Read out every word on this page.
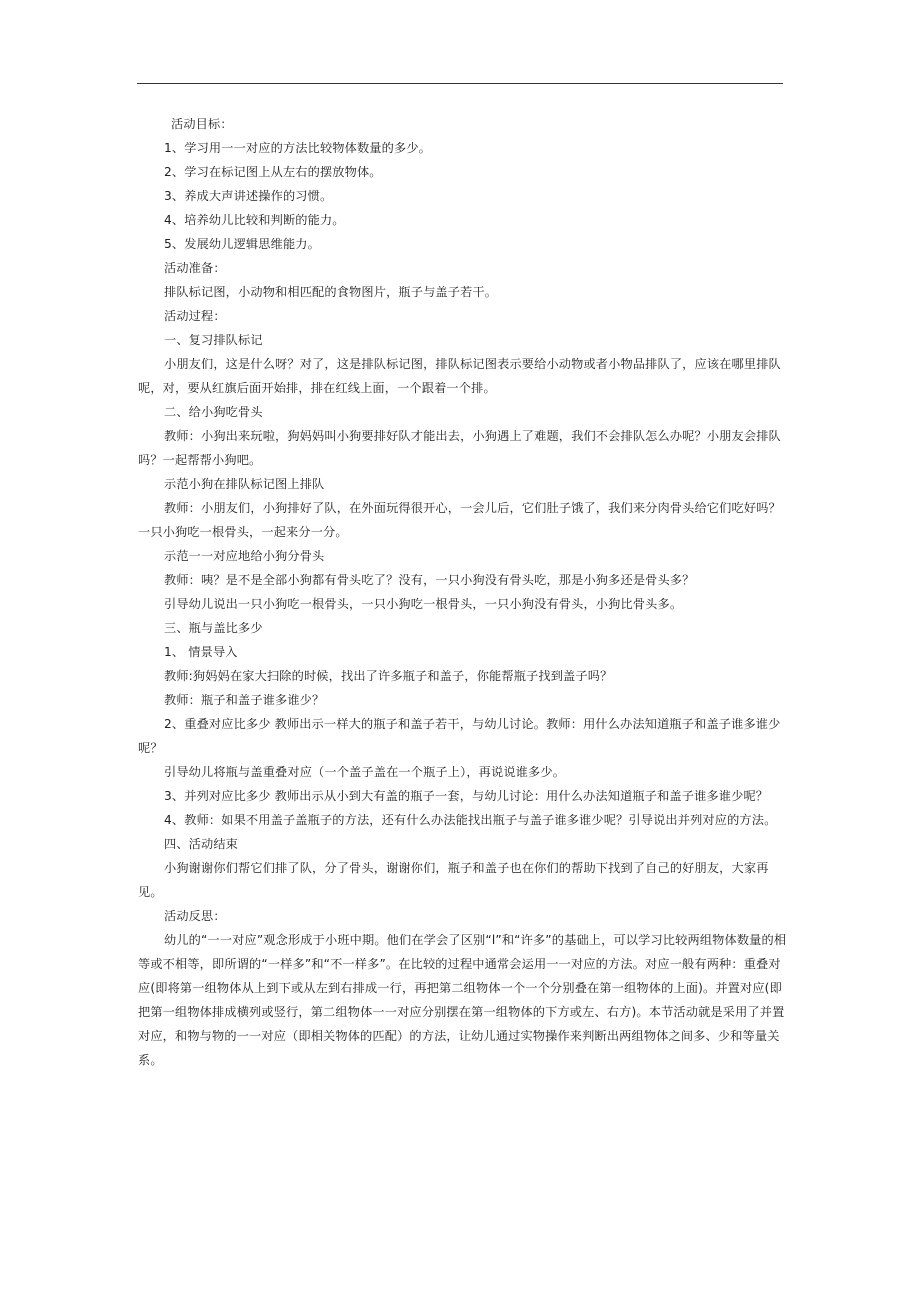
活动目标：

1、学习用一一对应的方法比较物体数量的多少。

2、学习在标记图上从左右的摆放物体。

3、养成大声讲述操作的习惯。

4、培养幼儿比较和判断的能力。

5、发展幼儿逻辑思维能力。

活动准备：

排队标记图，小动物和相匹配的食物图片，瓶子与盖子若干。

活动过程：

一、复习排队标记

小朋友们，这是什么呀？对了，这是排队标记图，排队标记图表示要给小动物或者小物品排队了，应该在哪里排队呢，对，要从红旗后面开始排，排在红线上面，一个跟着一个排。

二、给小狗吃骨头

教师：小狗出来玩啦，狗妈妈叫小狗要排好队才能出去，小狗遇上了难题，我们不会排队怎么办呢？小朋友会排队吗？一起帮帮小狗吧。

示范小狗在排队标记图上排队

教师：小朋友们，小狗排好了队，在外面玩得很开心，一会儿后，它们肚子饿了，我们来分肉骨头给它们吃好吗？一只小狗吃一根骨头，一起来分一分。

示范一一对应地给小狗分骨头

教师：咦？是不是全部小狗都有骨头吃了？没有，一只小狗没有骨头吃，那是小狗多还是骨头多？

引导幼儿说出一只小狗吃一根骨头，一只小狗吃一根骨头，一只小狗没有骨头，小狗比骨头多。

三、瓶与盖比多少

1、 情景导入

教师:狗妈妈在家大扫除的时候，找出了许多瓶子和盖子，你能帮瓶子找到盖子吗？

教师：瓶子和盖子谁多谁少？

2、重叠对应比多少 教师出示一样大的瓶子和盖子若干，与幼儿讨论。教师：用什么办法知道瓶子和盖子谁多谁少呢？

引导幼儿将瓶与盖重叠对应（一个盖子盖在一个瓶子上），再说说谁多少。

3、并列对应比多少 教师出示从小到大有盖的瓶子一套，与幼儿讨论：用什么办法知道瓶子和盖子谁多谁少呢？

4、教师：如果不用盖子盖瓶子的方法，还有什么办法能找出瓶子与盖子谁多谁少呢？引导说出并列对应的方法。

四、活动结束

小狗谢谢你们帮它们排了队，分了骨头，谢谢你们，瓶子和盖子也在你们的帮助下找到了自己的好朋友，大家再见。

活动反思：

幼儿的“一一对应”观念形成于小班中期。他们在学会了区别“l”和“许多”的基础上，可以学习比较两组物体数量的相等或不相等，即所谓的“一样多”和“不一样多”。在比较的过程中通常会运用一一对应的方法。对应一般有两种：重叠对应(即将第一组物体从上到下或从左到右排成一行，再把第二组物体一个一个分别叠在第一组物体的上面)。并置对应(即把第一组物体排成横列或竖行，第二组物体一一对应分别摆在第一组物体的下方或左、右方)。本节活动就是采用了并置对应，和物与物的一一对应（即相关物体的匹配）的方法，让幼儿通过实物操作来判断出两组物体之间多、少和等量关系。
